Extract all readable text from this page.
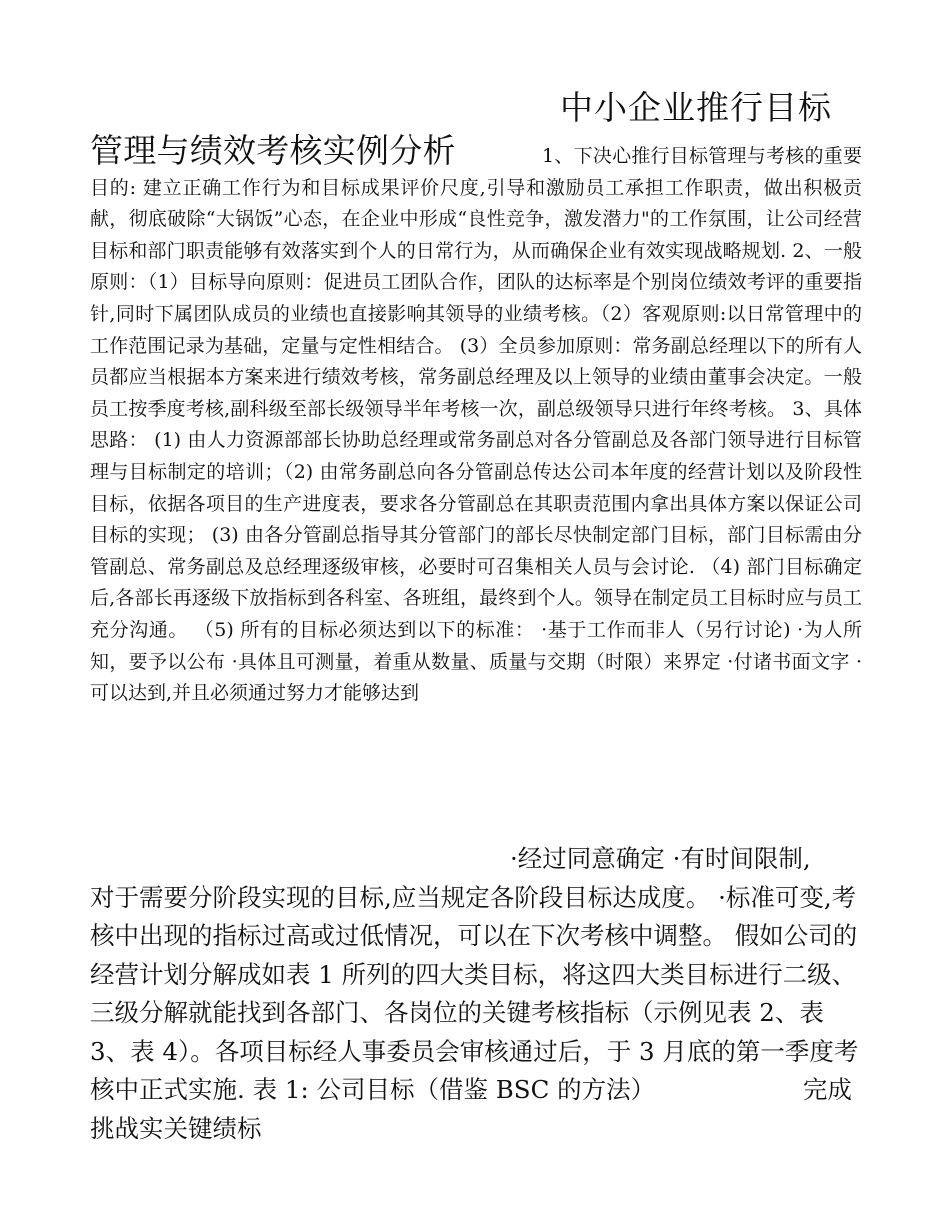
中小企业推行目标
管理与绩效考核实例分析	1、下决心推行目标管理与考核的重要目的: 建立正确工作行为和目标成果评价尺度,引导和激励员工承担工作职责，做出积极贡献，彻底破除“大锅饭”心态，在企业中形成“良性竞争，激发潜力"的工作氛围，让公司经营目标和部门职责能够有效落实到个人的日常行为，从而确保企业有效实现战略规划. 2、一般原则：（1）目标导向原则：促进员工团队合作，团队的达标率是个别岗位绩效考评的重要指针,同时下属团队成员的业绩也直接影响其领导的业绩考核。（2）客观原则:以日常管理中的工作范围记录为基础，定量与定性相结合。 (3）全员参加原则：常务副总经理以下的所有人员都应当根据本方案来进行绩效考核，常务副总经理及以上领导的业绩由董事会决定。一般员工按季度考核,副科级至部长级领导半年考核一次，副总级领导只进行年终考核。 3、具体思路： (1) 由人力资源部部长协助总经理或常务副总对各分管副总及各部门领导进行目标管理与目标制定的培训；（2) 由常务副总向各分管副总传达公司本年度的经营计划以及阶段性目标，依据各项目的生产进度表，要求各分管副总在其职责范围内拿出具体方案以保证公司目标的实现； (3) 由各分管副总指导其分管部门的部长尽快制定部门目标，部门目标需由分管副总、常务副总及总经理逐级审核，必要时可召集相关人员与会讨论. （4) 部门目标确定后,各部长再逐级下放指标到各科室、各班组，最终到个人。领导在制定员工目标时应与员工充分沟通。 （5) 所有的目标必须达到以下的标准： ·基于工作而非人（另行讨论) ·为人所知，要予以公布 ·具体且可测量，着重从数量、质量与交期（时限）来界定 ·付诸书面文字 ·可以达到,并且必须通过努力才能够达到
·经过同意确定 ·有时间限制,
对于需要分阶段实现的目标,应当规定各阶段目标达成度。 ·标准可变,考核中出现的指标过高或过低情况，可以在下次考核中调整。 假如公司的经营计划分解成如表 1 所列的四大类目标，将这四大类目标进行二级、三级分解就能找到各部门、各岗位的关键考核指标（示例见表 2、表 3、表 4）。各项目标经人事委员会审核通过后，于 3 月底的第一季度考核中正式实施. 表 1: 公司目标（借鉴 BSC 的方法）	完成挑战实关键绩标
